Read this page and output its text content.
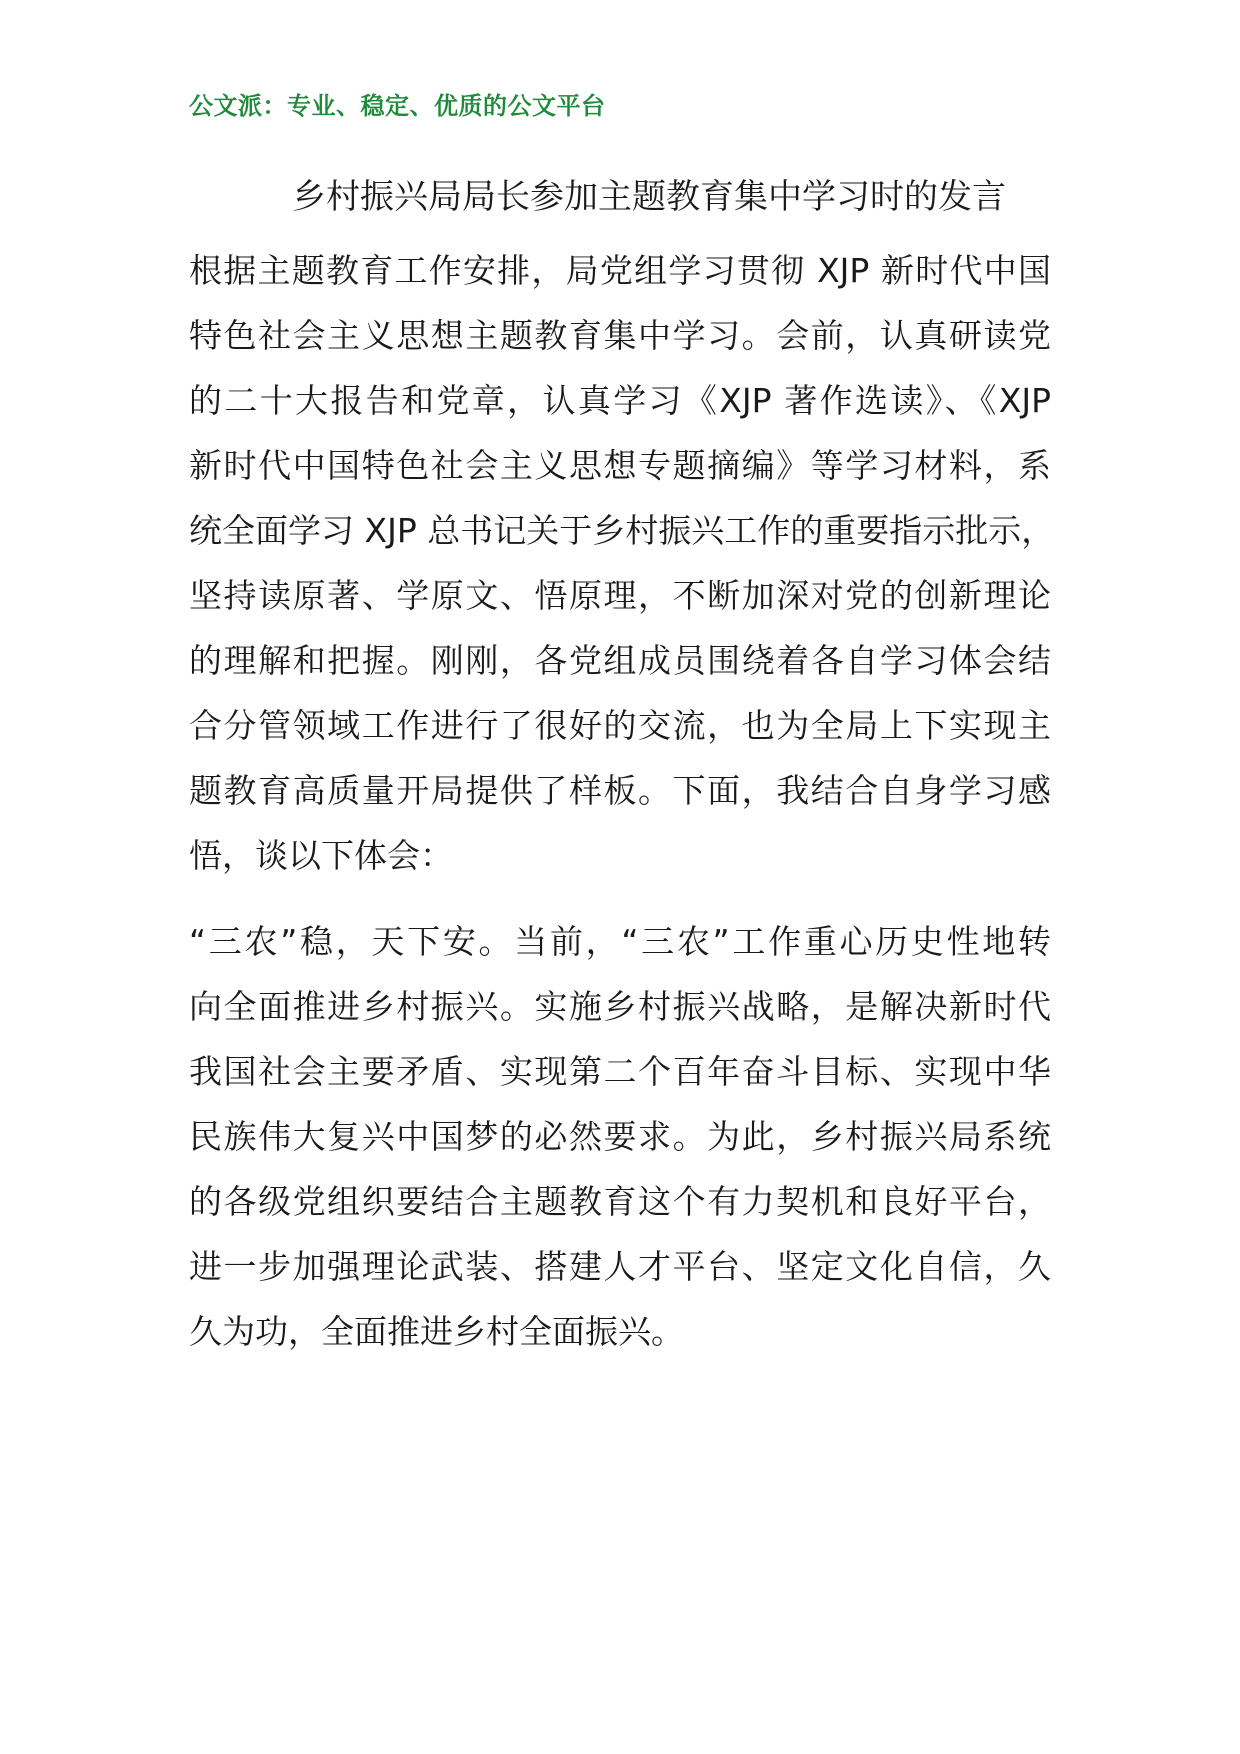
公文派：专业、稳定、优质的公文平台
乡村振兴局局长参加主题教育集中学习时的发言
根据主题教育工作安排，局党组学习贯彻 XJP 新时代中国
特色社会主义思想主题教育集中学习。会前，认真研读党
的二十大报告和党章，认真学习《XJP 著作选读》、《XJP
新时代中国特色社会主义思想专题摘编》等学习材料，系
统全面学习 XJP 总书记关于乡村振兴工作的重要指示批示，
坚持读原著、学原文、悟原理，不断加深对党的创新理论
的理解和把握。刚刚，各党组成员围绕着各自学习体会结
合分管领域工作进行了很好的交流，也为全局上下实现主
题教育高质量开局提供了样板。下面，我结合自身学习感
悟，谈以下体会：
“三农”稳，天下安。当前，“三农”工作重心历史性地转
向全面推进乡村振兴。实施乡村振兴战略，是解决新时代
我国社会主要矛盾、实现第二个百年奋斗目标、实现中华
民族伟大复兴中国梦的必然要求。为此，乡村振兴局系统
的各级党组织要结合主题教育这个有力契机和良好平台，
进一步加强理论武装、搭建人才平台、坚定文化自信，久
久为功，全面推进乡村全面振兴。
